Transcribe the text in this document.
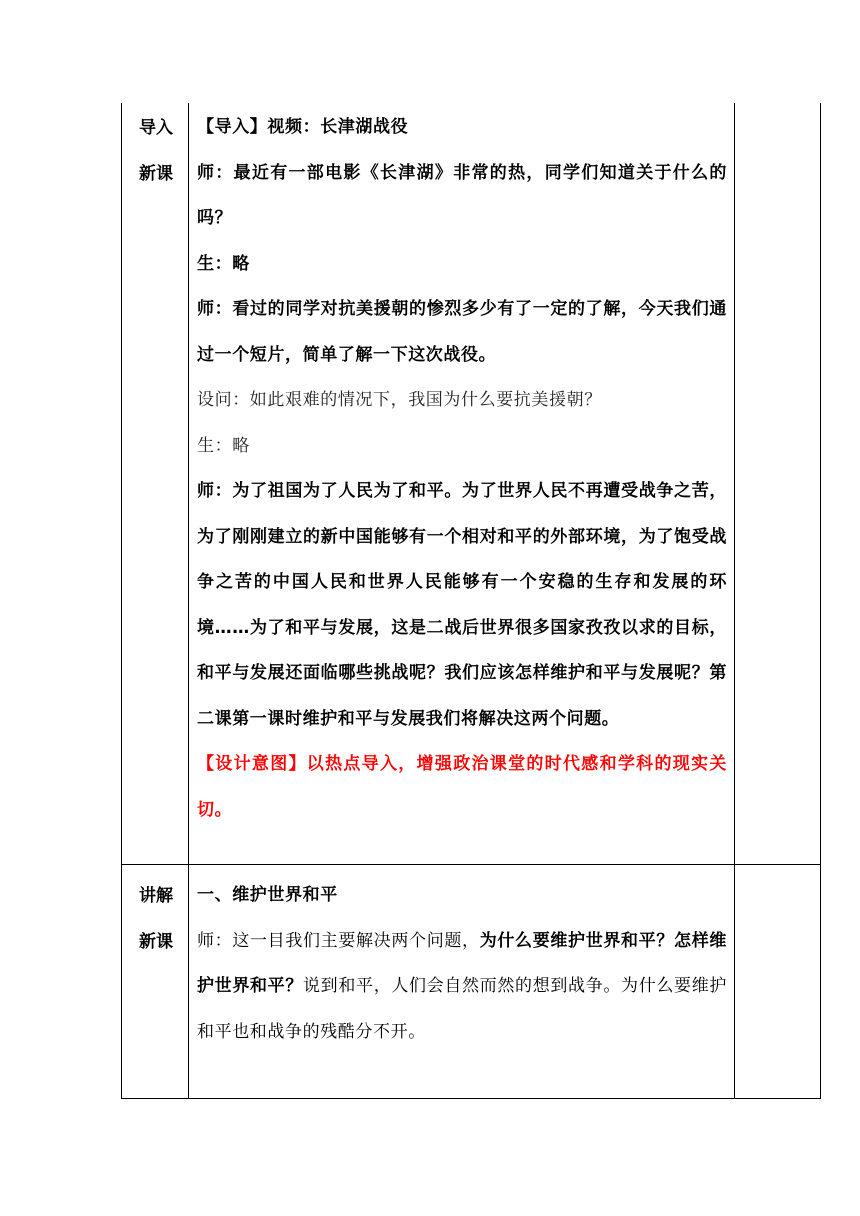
导入
新课

【导入】视频：长津湖战役

师：最近有一部电影《长津湖》非常的热，同学们知道关于什么的吗？

生：略

师：看过的同学对抗美援朝的惨烈多少有了一定的了解，今天我们通过一个短片，简单了解一下这次战役。

设问：如此艰难的情况下，我国为什么要抗美援朝？

生：略

师：为了祖国为了人民为了和平。为了世界人民不再遭受战争之苦，为了刚刚建立的新中国能够有一个相对和平的外部环境，为了饱受战争之苦的中国人民和世界人民能够有一个安稳的生存和发展的环境……为了和平与发展，这是二战后世界很多国家孜孜以求的目标，和平与发展还面临哪些挑战呢？我们应该怎样维护和平与发展呢？第二课第一课时维护和平与发展我们将解决这两个问题。

【设计意图】以热点导入，增强政治课堂的时代感和学科的现实关切。

讲解
新课

一、维护世界和平

师：这一目我们主要解决两个问题，为什么要维护世界和平？怎样维护世界和平？说到和平，人们会自然而然的想到战争。为什么要维护和平也和战争的残酷分不开。
